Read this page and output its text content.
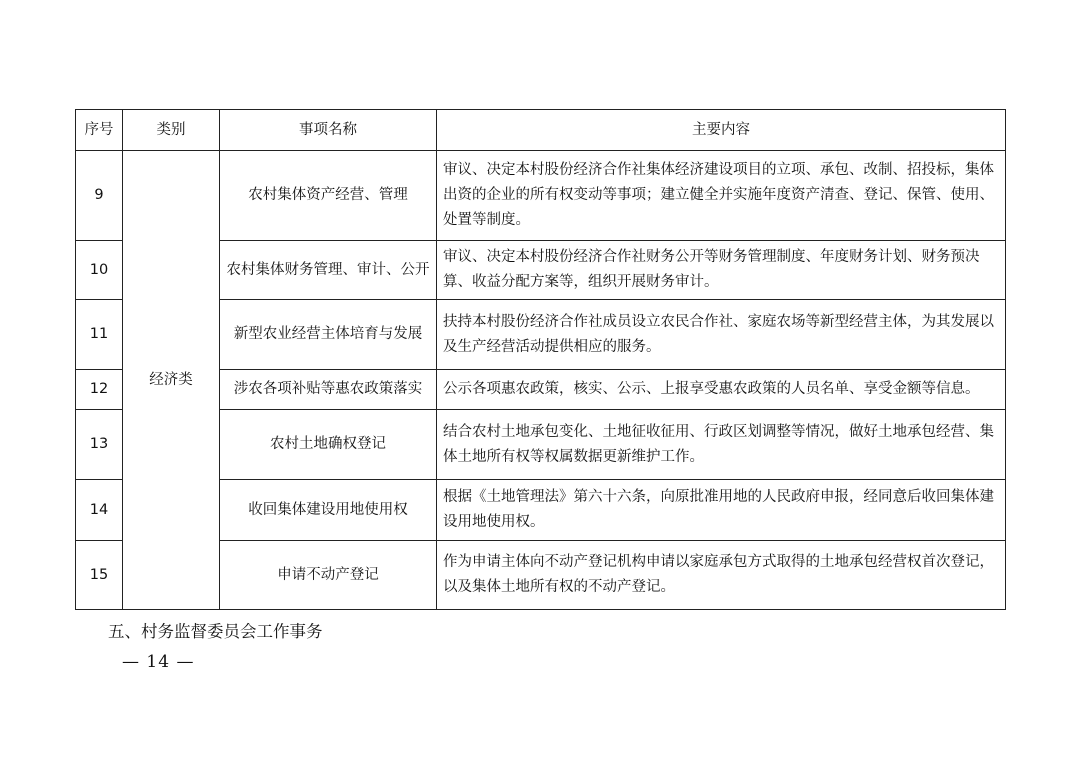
序号	类别	事项名称	主要内容
9	经济类	农村集体资产经营、管理	审议、决定本村股份经济合作社集体经济建设项目的立项、承包、改制、招投标，集体出资的企业的所有权变动等事项；建立健全并实施年度资产清查、登记、保管、使用、处置等制度。
10		农村集体财务管理、审计、公开	审议、决定本村股份经济合作社财务公开等财务管理制度、年度财务计划、财务预决算、收益分配方案等，组织开展财务审计。
11		新型农业经营主体培育与发展	扶持本村股份经济合作社成员设立农民合作社、家庭农场等新型经营主体，为其发展以及生产经营活动提供相应的服务。
12		涉农各项补贴等惠农政策落实	公示各项惠农政策，核实、公示、上报享受惠农政策的人员名单、享受金额等信息。
13		农村土地确权登记	结合农村土地承包变化、土地征收征用、行政区划调整等情况，做好土地承包经营、集体土地所有权等权属数据更新维护工作。
14		收回集体建设用地使用权	根据《土地管理法》第六十六条，向原批准用地的人民政府申报，经同意后收回集体建设用地使用权。
15		申请不动产登记	作为申请主体向不动产登记机构申请以家庭承包方式取得的土地承包经营权首次登记，以及集体土地所有权的不动产登记。
五、村务监督委员会工作事务
— 14 —
